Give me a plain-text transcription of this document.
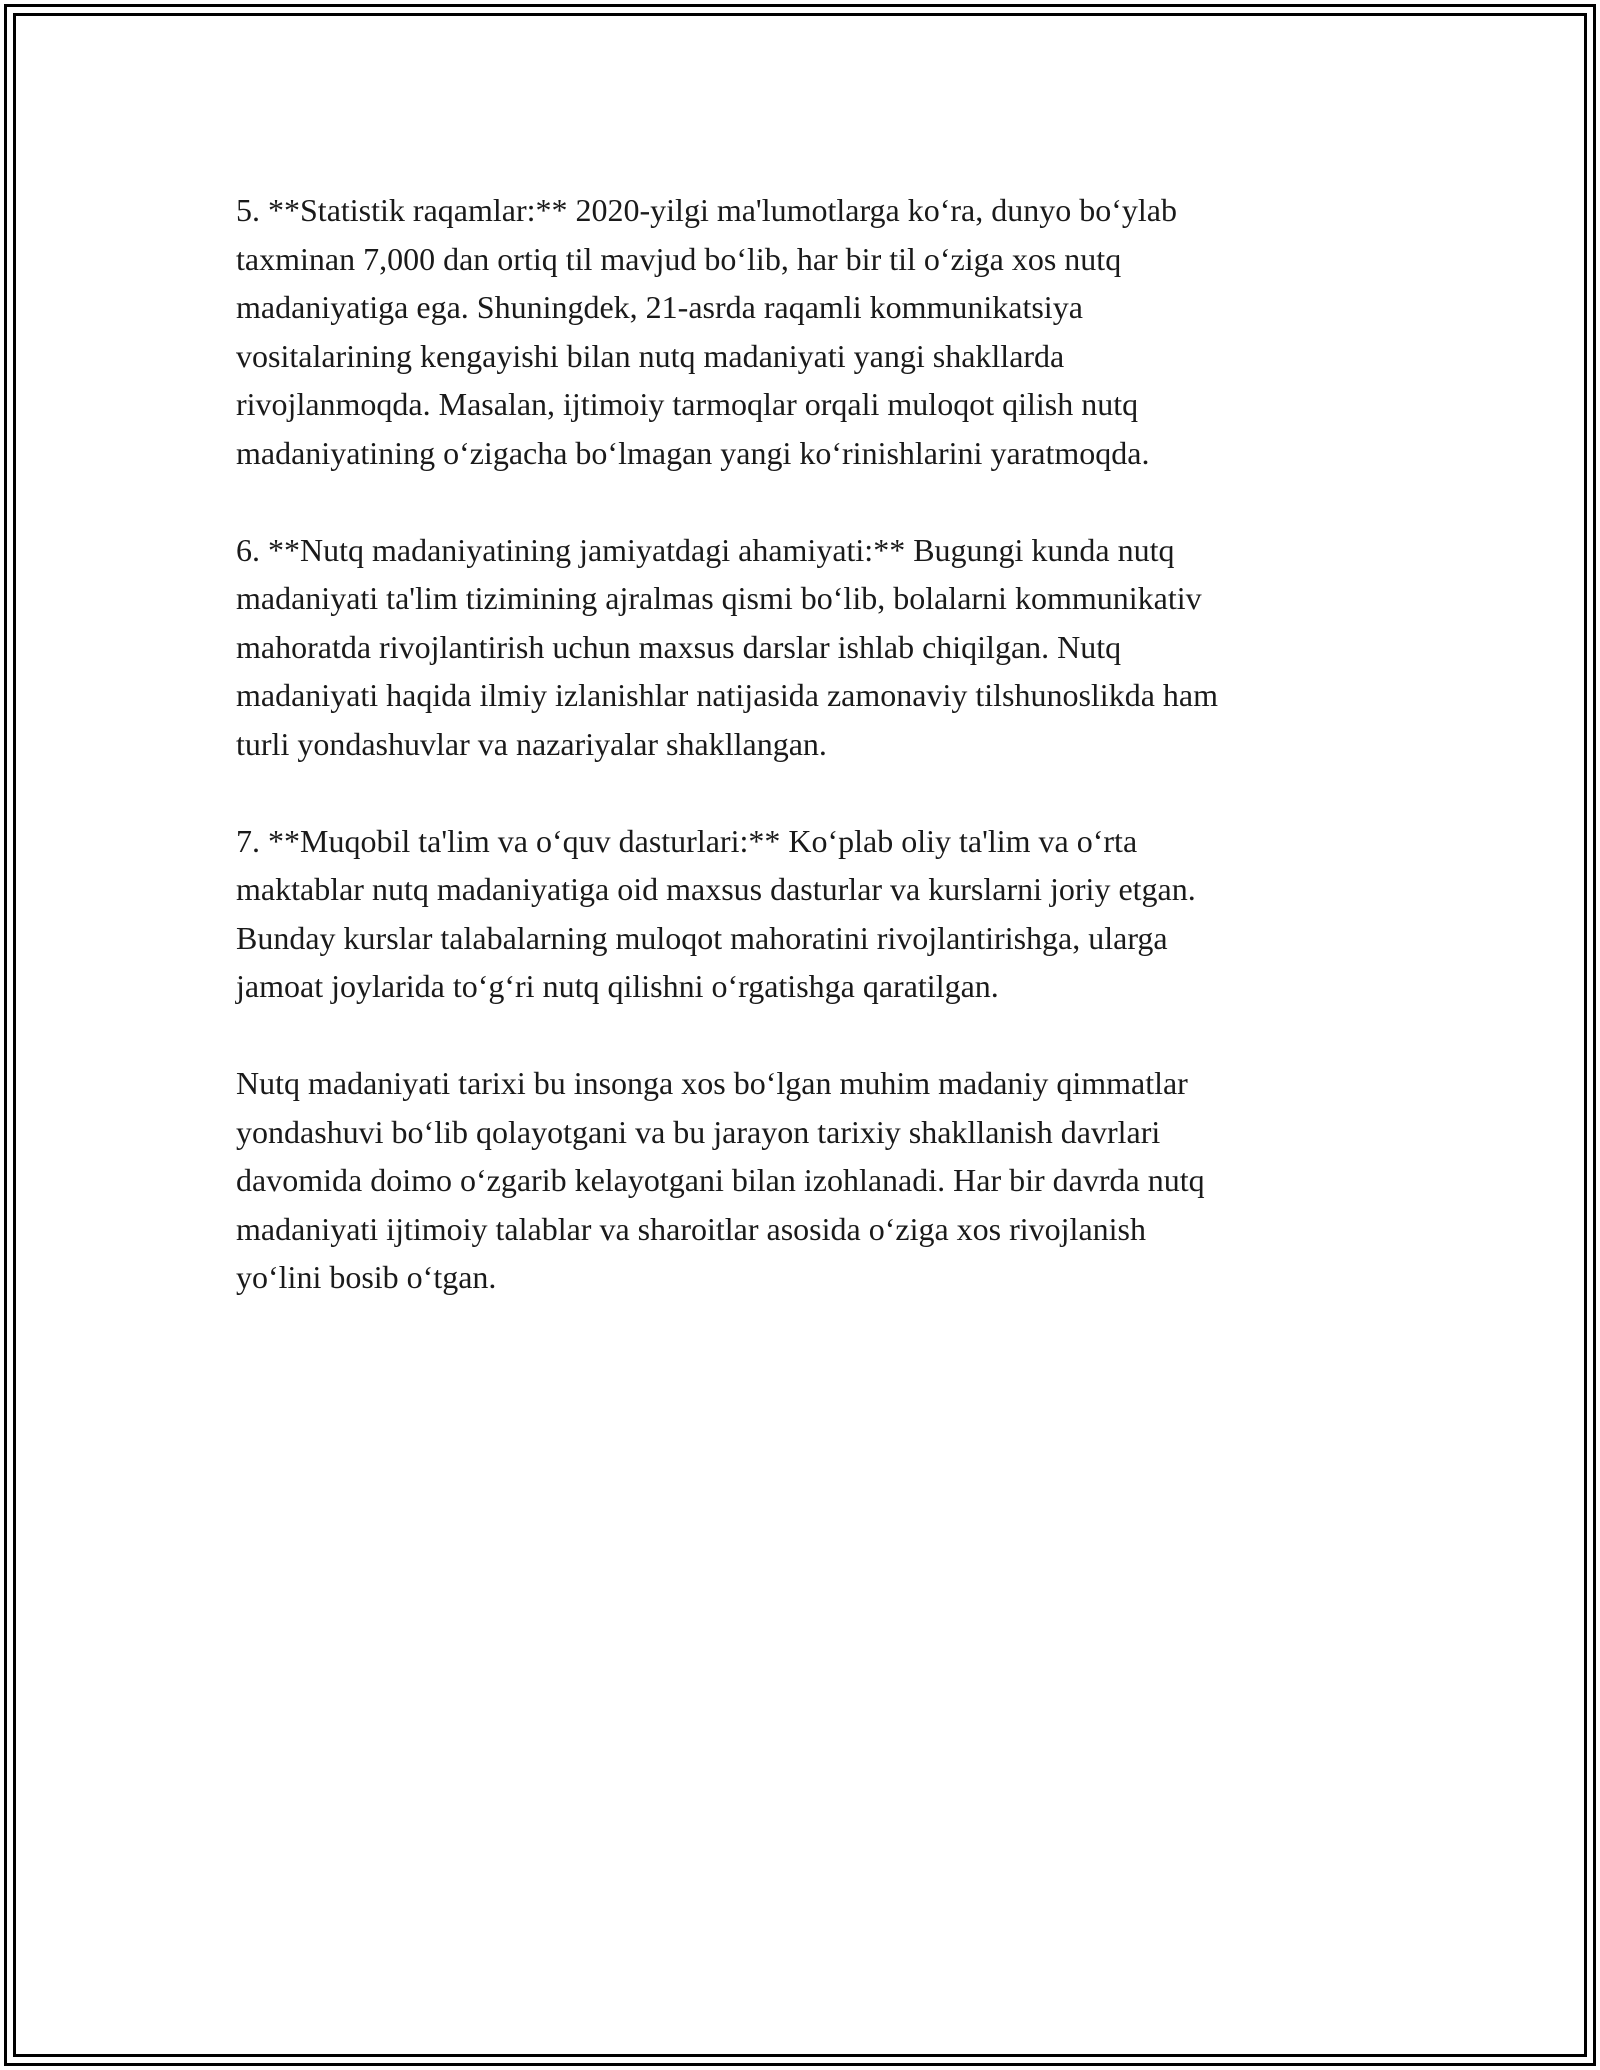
5. **Statistik raqamlar:** 2020-yilgi ma'lumotlarga ko‘ra, dunyo bo‘ylab
taxminan 7,000 dan ortiq til mavjud bo‘lib, har bir til o‘ziga xos nutq
madaniyatiga ega. Shuningdek, 21-asrda raqamli kommunikatsiya
vositalarining kengayishi bilan nutq madaniyati yangi shakllarda
rivojlanmoqda. Masalan, ijtimoiy tarmoqlar orqali muloqot qilish nutq
madaniyatining o‘zigacha bo‘lmagan yangi ko‘rinishlarini yaratmoqda.

6. **Nutq madaniyatining jamiyatdagi ahamiyati:** Bugungi kunda nutq
madaniyati ta'lim tizimining ajralmas qismi bo‘lib, bolalarni kommunikativ
mahoratda rivojlantirish uchun maxsus darslar ishlab chiqilgan. Nutq
madaniyati haqida ilmiy izlanishlar natijasida zamonaviy tilshunoslikda ham
turli yondashuvlar va nazariyalar shakllangan.

7. **Muqobil ta'lim va o‘quv dasturlari:** Ko‘plab oliy ta'lim va o‘rta
maktablar nutq madaniyatiga oid maxsus dasturlar va kurslarni joriy etgan.
Bunday kurslar talabalarning muloqot mahoratini rivojlantirishga, ularga
jamoat joylarida to‘g‘ri nutq qilishni o‘rgatishga qaratilgan.

Nutq madaniyati tarixi bu insonga xos bo‘lgan muhim madaniy qimmatlar
yondashuvi bo‘lib qolayotgani va bu jarayon tarixiy shakllanish davrlari
davomida doimo o‘zgarib kelayotgani bilan izohlanadi. Har bir davrda nutq
madaniyati ijtimoiy talablar va sharoitlar asosida o‘ziga xos rivojlanish
yo‘lini bosib o‘tgan.
